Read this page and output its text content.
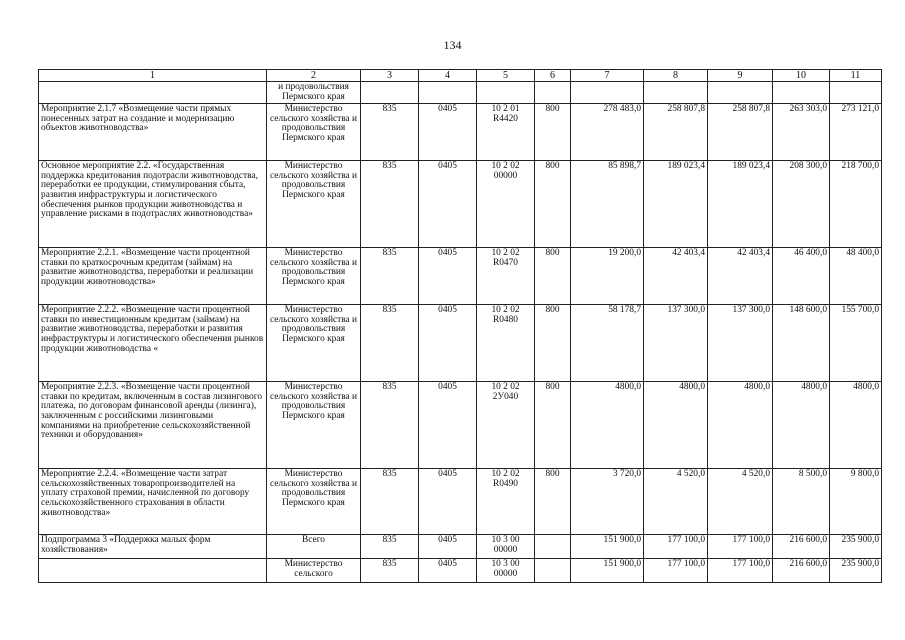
134
1	2	3	4	5	6	7	8	9	10	11
	и продовольствия Пермского края									
Мероприятие 2.1.7 «Возмещение части прямых понесенных затрат на создание и модернизацию объектов животноводства»	Министерство сельского хозяйства и продовольствия Пермского края	835	0405	10 2 01 R4420	800	278 483,0	258 807,8	258 807,8	263 303,0	273 121,0
Основное мероприятие 2.2. «Государственная поддержка кредитования подотрасли животноводства, переработки ее продукции, стимулирования сбыта, развития инфраструктуры и логистического обеспечения рынков продукции животноводства и управление рисками в подотраслях животноводства»	Министерство сельского хозяйства и продовольствия Пермского края	835	0405	10 2 02 00000	800	85 898,7	189 023,4	189 023,4	208 300,0	218 700,0
Мероприятие 2.2.1. «Возмещение части процентной ставки по краткосрочным кредитам (займам) на развитие животноводства, переработки и реализации продукции животноводства»	Министерство сельского хозяйства и продовольствия Пермского края	835	0405	10 2 02 R0470	800	19 200,0	42 403,4	42 403,4	46 400,0	48 400,0
Мероприятие 2.2.2. «Возмещение части процентной ставки по инвестиционным кредитам (займам) на развитие животноводства, переработки и развития инфраструктуры и логистического обеспечения рынков продукции животноводства «	Министерство сельского хозяйства и продовольствия Пермского края	835	0405	10 2 02 R0480	800	58 178,7	137 300,0	137 300,0	148 600,0	155 700,0
Мероприятие 2.2.3. «Возмещение части процентной ставки по кредитам, включенным в состав лизингового платежа, по договорам финансовой аренды (лизинга), заключенным с российскими лизинговыми компаниями на приобретение сельскохозяйственной техники и оборудования»	Министерство сельского хозяйства и продовольствия Пермского края	835	0405	10 2 02 2У040	800	4800,0	4800,0	4800,0	4800,0	4800,0
Мероприятие 2.2.4. «Возмещение части затрат сельскохозяйственных товаропроизводителей на уплату страховой премии, начисленной по договору сельскохозяйственного страхования в области животноводства»	Министерство сельского хозяйства и продовольствия Пермского края	835	0405	10 2 02 R0490	800	3 720,0	4 520,0	4 520,0	8 500,0	9 800,0
Подпрограмма 3 «Поддержка малых форм хозяйствования»	Всего	835	0405	10 3 00 00000		151 900,0	177 100,0	177 100,0	216 600,0	235 900,0
	Министерство сельского	835	0405	10 3 00 00000		151 900,0	177 100,0	177 100,0	216 600,0	235 900,0
